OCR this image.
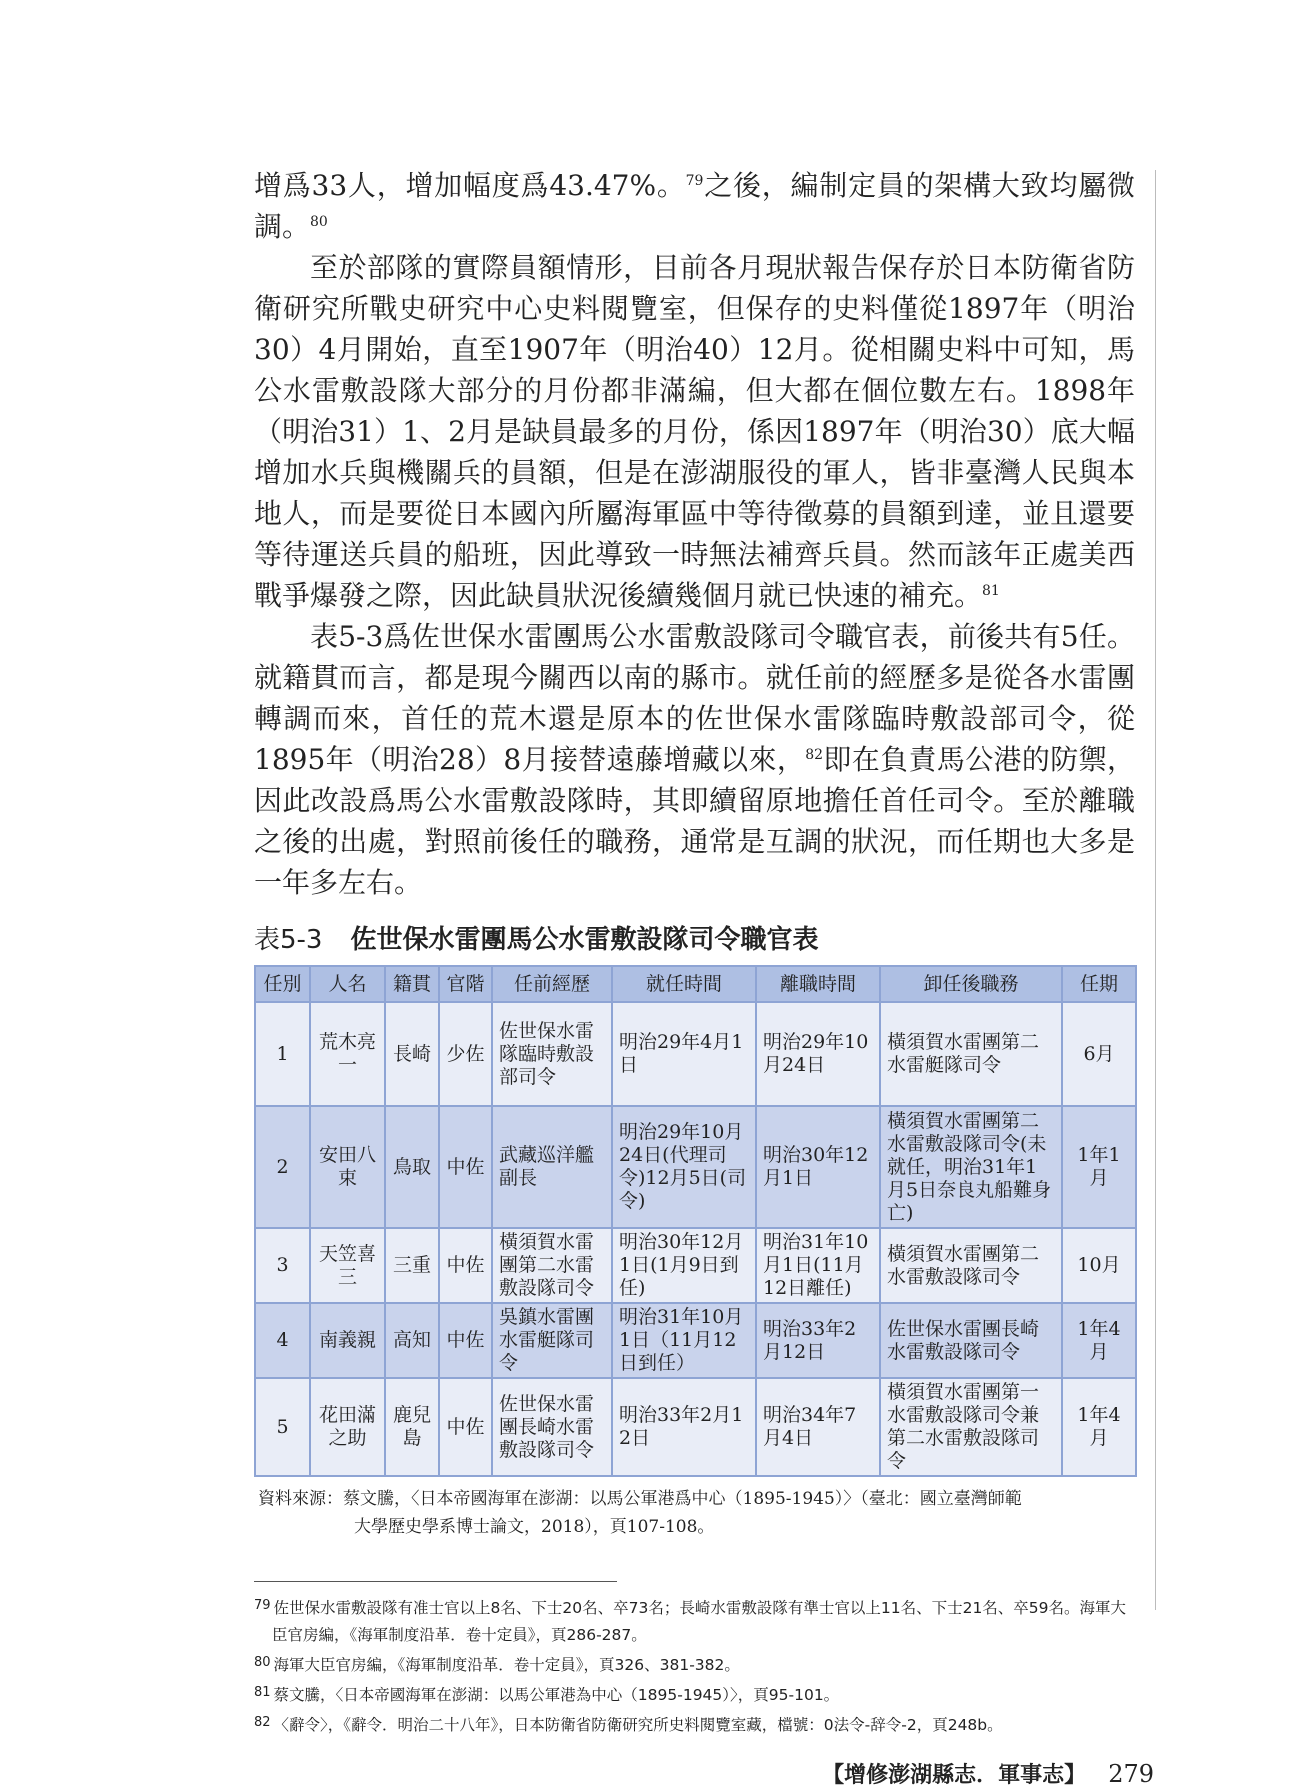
增爲33人，增加幅度爲43.47%。$^{79}$之後，編制定員的架構大致均屬微調。$^{80}$

至於部隊的實際員額情形，目前各月現狀報告保存於日本防衛省防衛研究所戰史研究中心史料閱覽室，但保存的史料僅從1897年（明治30）4月開始，直至1907年（明治40）12月。從相關史料中可知，馬公水雷敷設隊大部分的月份都非滿編，但大都在個位數左右。1898年（明治31）1、2月是缺員最多的月份，係因1897年（明治30）底大幅增加水兵與機關兵的員額，但是在澎湖服役的軍人，皆非臺灣人民與本地人，而是要從日本國內所屬海軍區中等待徵募的員額到達，並且還要等待運送兵員的船班，因此導致一時無法補齊兵員。然而該年正處美西戰爭爆發之際，因此缺員狀況後續幾個月就已快速的補充。$^{81}$

表5-3爲佐世保水雷團馬公水雷敷設隊司令職官表，前後共有5任。就籍貫而言，都是現今關西以南的縣市。就任前的經歷多是從各水雷團轉調而來，首任的荒木還是原本的佐世保水雷隊臨時敷設部司令，從1895年（明治28）8月接替遠藤增藏以來，$^{82}$即在負責馬公港的防禦，因此改設爲馬公水雷敷設隊時，其即續留原地擔任首任司令。至於離職之後的出處，對照前後任的職務，通常是互調的狀況，而任期也大多是一年多左右。

表5-3 佐世保水雷團馬公水雷敷設隊司令職官表
任別	人名	籍貫	官階	任前經歷	就任時間	離職時間	卸任後職務	任期
1	荒木亮一	長崎	少佐	佐世保水雷隊臨時敷設部司令	明治29年4月1日	明治29年10月24日	橫須賀水雷團第二水雷艇隊司令	6月
2	安田八束	鳥取	中佐	武藏巡洋艦副長	明治29年10月24日(代理司令)12月5日(司令)	明治30年12月1日	橫須賀水雷團第二水雷敷設隊司令(未就任，明治31年1月5日奈良丸船難身亡)	1年1月
3	天笠喜三	三重	中佐	橫須賀水雷團第二水雷敷設隊司令	明治30年12月1日(1月9日到任)	明治31年10月1日(11月12日離任)	橫須賀水雷團第二水雷敷設隊司令	10月
4	南義親	高知	中佐	吳鎮水雷團水雷艇隊司令	明治31年10月1日（11月12日到任）	明治33年2月12日	佐世保水雷團長崎水雷敷設隊司令	1年4月
5	花田滿之助	鹿兒島	中佐	佐世保水雷團長崎水雷敷設隊司令	明治33年2月12日	明治34年7月4日	橫須賀水雷團第一水雷敷設隊司令兼第二水雷敷設隊司令	1年4月
資料來源：蔡文騰，〈日本帝國海軍在澎湖：以馬公軍港爲中心（1895-1945）〉（臺北：國立臺灣師範
大學歷史學系博士論文，2018），頁107-108。
$^{79}$ 佐世保水雷敷設隊有准士官以上8名、下士20名、卒73名；長崎水雷敷設隊有準士官以上11名、下士21名、卒59名。海軍大臣官房編，《海軍制度沿革．卷十定員》，頁286-287。
$^{80}$ 海軍大臣官房編，《海軍制度沿革．卷十定員》，頁326、381-382。
$^{81}$ 蔡文騰，〈日本帝國海軍在澎湖：以馬公軍港為中心（1895-1945）〉，頁95-101。
$^{82}$ 〈辭令〉，《辭令．明治二十八年》，日本防衛省防衛研究所史料閱覽室藏，檔號：0法令-辞令-2，頁248b。
【增修澎湖縣志．軍事志】 279
